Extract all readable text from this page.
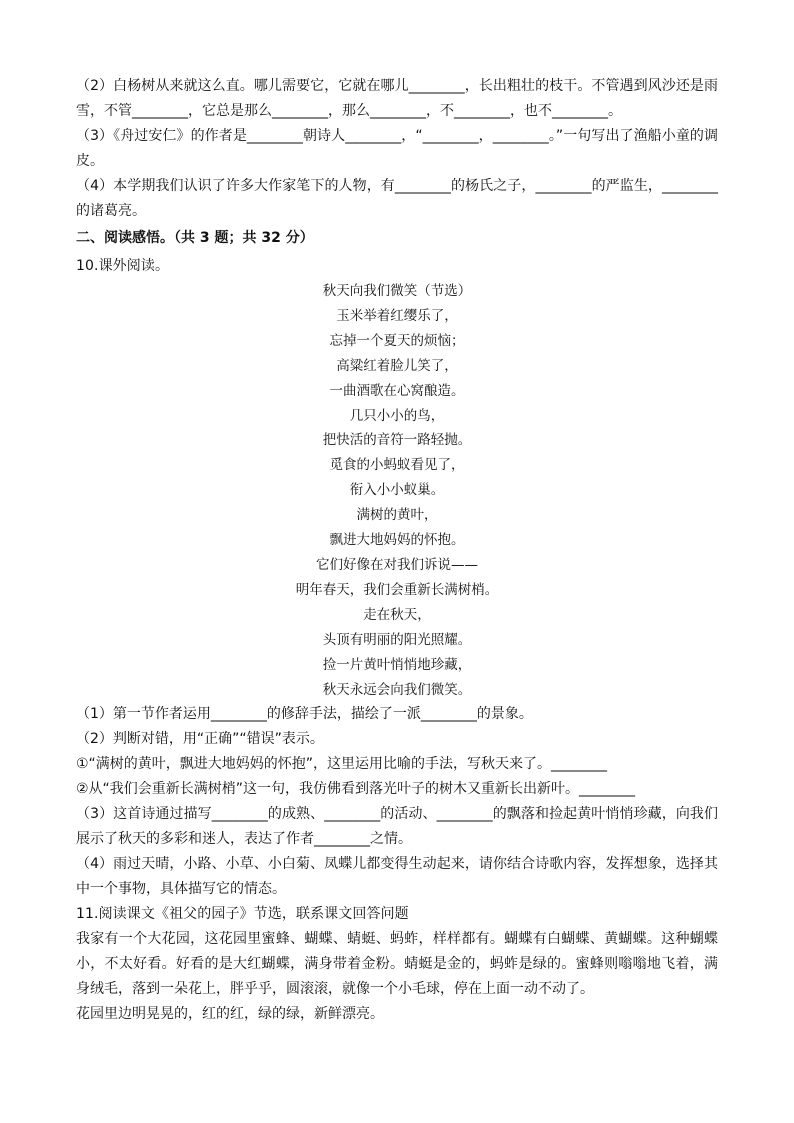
（2）白杨树从来就这么直。哪儿需要它，它就在哪儿________，长出粗壮的枝干。不管遇到风沙还是雨雪，不管________，它总是那么________，那么________，不________，也不________。

（3）《舟过安仁》的作者是________朝诗人________，“________，________。”一句写出了渔船小童的调皮。

（4）本学期我们认识了许多大作家笔下的人物，有________的杨氏之子，________的严监生，________的诸葛亮。

二、阅读感悟。（共 3 题；共 32 分）
10.课外阅读。
秋天向我们微笑（节选）
玉米举着红缨乐了，
忘掉一个夏天的烦恼；
高粱红着脸儿笑了，
一曲酒歌在心窝酿造。
几只小小的鸟，
把快活的音符一路轻抛。
觅食的小蚂蚁看见了，
衔入小小蚁巢。
满树的黄叶，
飘进大地妈妈的怀抱。
它们好像在对我们诉说——
明年春天，我们会重新长满树梢。
走在秋天，
头顶有明丽的阳光照耀。
捡一片黄叶悄悄地珍藏，
秋天永远会向我们微笑。

（1）第一节作者运用________的修辞手法，描绘了一派________的景象。

（2）判断对错，用“正确”“错误”表示。

①“满树的黄叶，飘进大地妈妈的怀抱”，这里运用比喻的手法，写秋天来了。________

②从“我们会重新长满树梢”这一句，我仿佛看到落光叶子的树木又重新长出新叶。________

（3）这首诗通过描写________的成熟、________的活动、________的飘落和捡起黄叶悄悄珍藏，向我们展示了秋天的多彩和迷人，表达了作者________之情。

（4）雨过天晴，小路、小草、小白菊、凤蝶儿都变得生动起来，请你结合诗歌内容，发挥想象，选择其中一个事物，具体描写它的情态。

11.阅读课文《祖父的园子》节选，联系课文回答问题

我家有一个大花园，这花园里蜜蜂、蝴蝶、蜻蜓、蚂蚱，样样都有。蝴蝶有白蝴蝶、黄蝴蝶。这种蝴蝶小，不太好看。好看的是大红蝴蝶，满身带着金粉。蜻蜓是金的，蚂蚱是绿的。蜜蜂则嗡嗡地飞着，满身绒毛，落到一朵花上，胖乎乎，圆滚滚，就像一个小毛球，停在上面一动不动了。

花园里边明晃晃的，红的红，绿的绿，新鲜漂亮。
